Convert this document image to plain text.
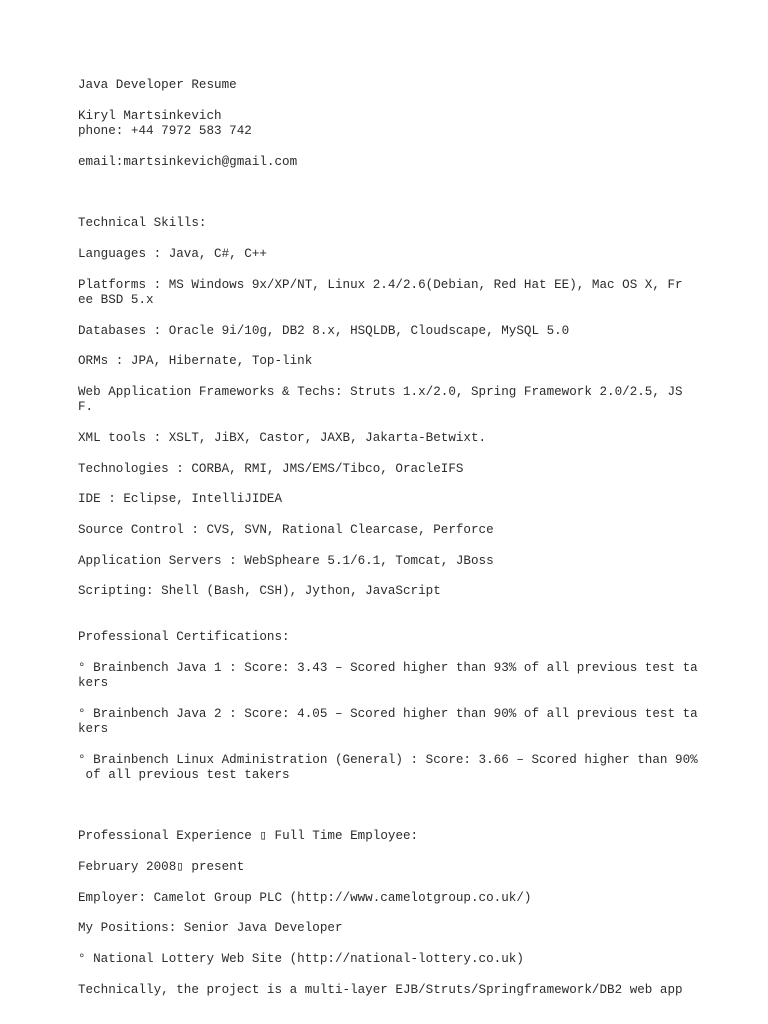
Java Developer Resume

Kiryl Martsinkevich

phone: +44 7972 583 742

email:martsinkevich@gmail.com

Technical Skills:

Languages : Java, C#, C++

Platforms : MS Windows 9x/XP/NT, Linux 2.4/2.6(Debian, Red Hat EE), Mac OS X, Fr

ee BSD 5.x

Databases : Oracle 9i/10g, DB2 8.x, HSQLDB, Cloudscape, MySQL 5.0

ORMs : JPA, Hibernate, Top-link

Web Application Frameworks & Techs: Struts 1.x/2.0, Spring Framework 2.0/2.5, JS

F.

XML tools : XSLT, JiBX, Castor, JAXB, Jakarta-Betwixt.

Technologies : CORBA, RMI, JMS/EMS/Tibco, OracleIFS

IDE : Eclipse, IntelliJIDEA

Source Control : CVS, SVN, Rational Clearcase, Perforce

Application Servers : WebSpheare 5.1/6.1, Tomcat, JBoss

Scripting: Shell (Bash, CSH), Jython, JavaScript

Professional Certifications:

° Brainbench Java 1 : Score: 3.43 – Scored higher than 93% of all previous test ta

kers

° Brainbench Java 2 : Score: 4.05 – Scored higher than 90% of all previous test ta

kers

° Brainbench Linux Administration (General) : Score: 3.66 – Scored higher than 90%

of all previous test takers

Professional Experience ▯ Full Time Employee:

February 2008▯ present

Employer: Camelot Group PLC (http://www.camelotgroup.co.uk/)

My Positions: Senior Java Developer

° National Lottery Web Site (http://national-lottery.co.uk)

Technically, the project is a multi-layer EJB/Struts/Springframework/DB2 web app
